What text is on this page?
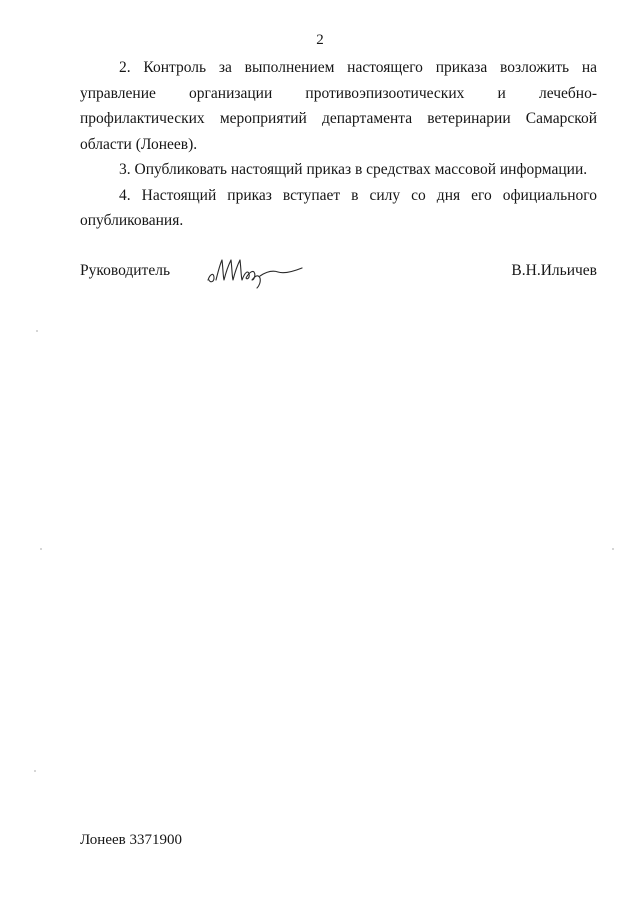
2

2. Контроль за выполнением настоящего приказа возложить на управление организации противоэпизоотических и лечебно-профилактических мероприятий департамента ветеринарии Самарской области (Лонеев).

3. Опубликовать настоящий приказ в средствах массовой информации.

4. Настоящий приказ вступает в силу со дня его официального опубликования.

Руководитель	В.Н.Ильичев
Лонеев 3371900
